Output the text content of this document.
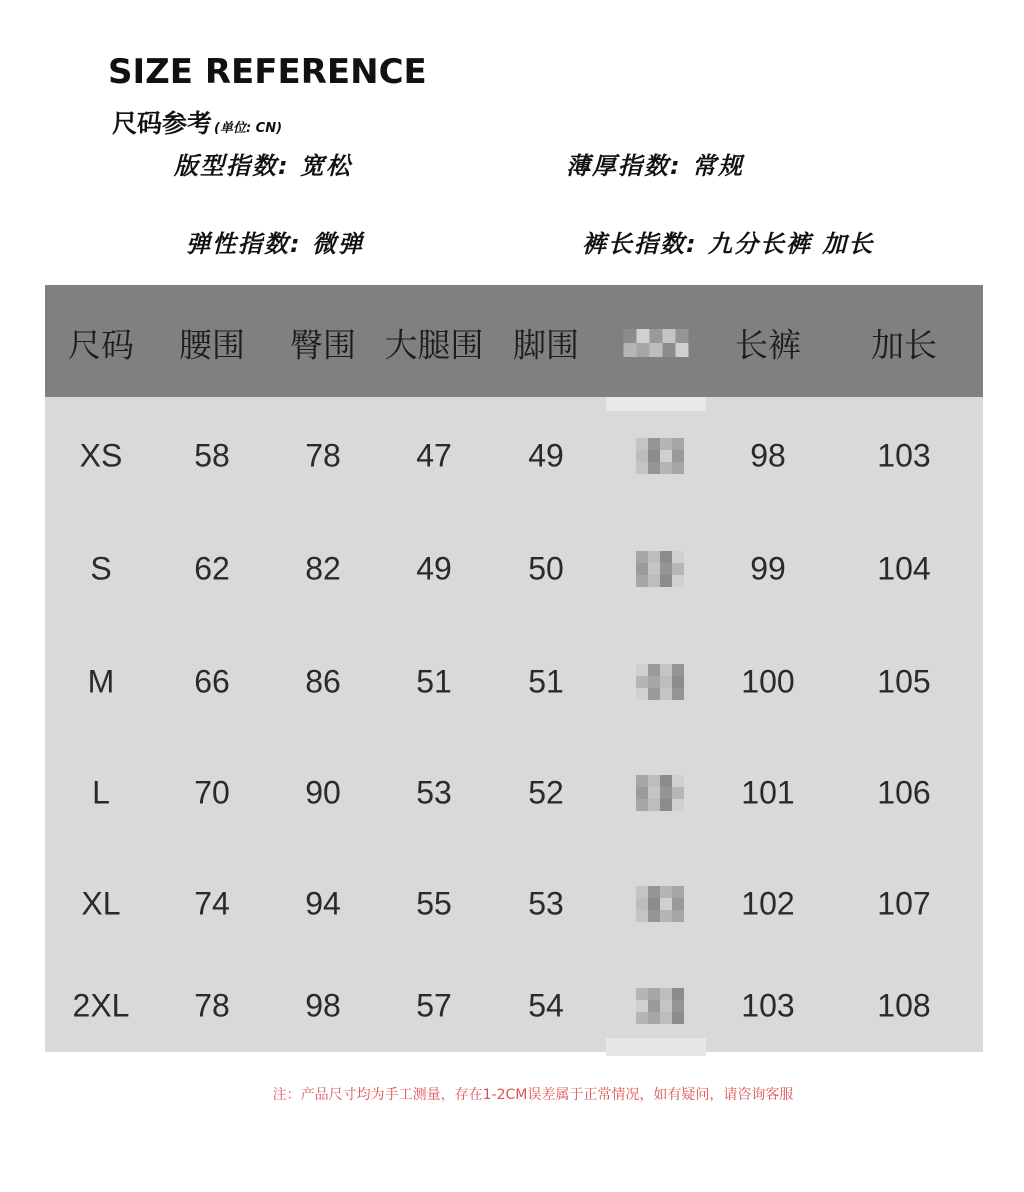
SIZE REFERENCE
尺码参考 (单位: CN)
版型指数: 宽松	薄厚指数: 常规
弹性指数: 微弹	裤长指数: 九分长裤 加长
尺码 腰围 臀围 大腿围 脚围	长裤 加长
XS 58 78 47 49	98	103
S	62 82 49 50	99	104
M 66 86 51 51	100	105
L	70 90 53 52	101	106
XL 74 94 55 53	102	107
2XL 78 98 57 54	103	108
注：产品尺寸均为手工测量，存在1-2CM误差属于正常情况，如有疑问，请咨询客服
